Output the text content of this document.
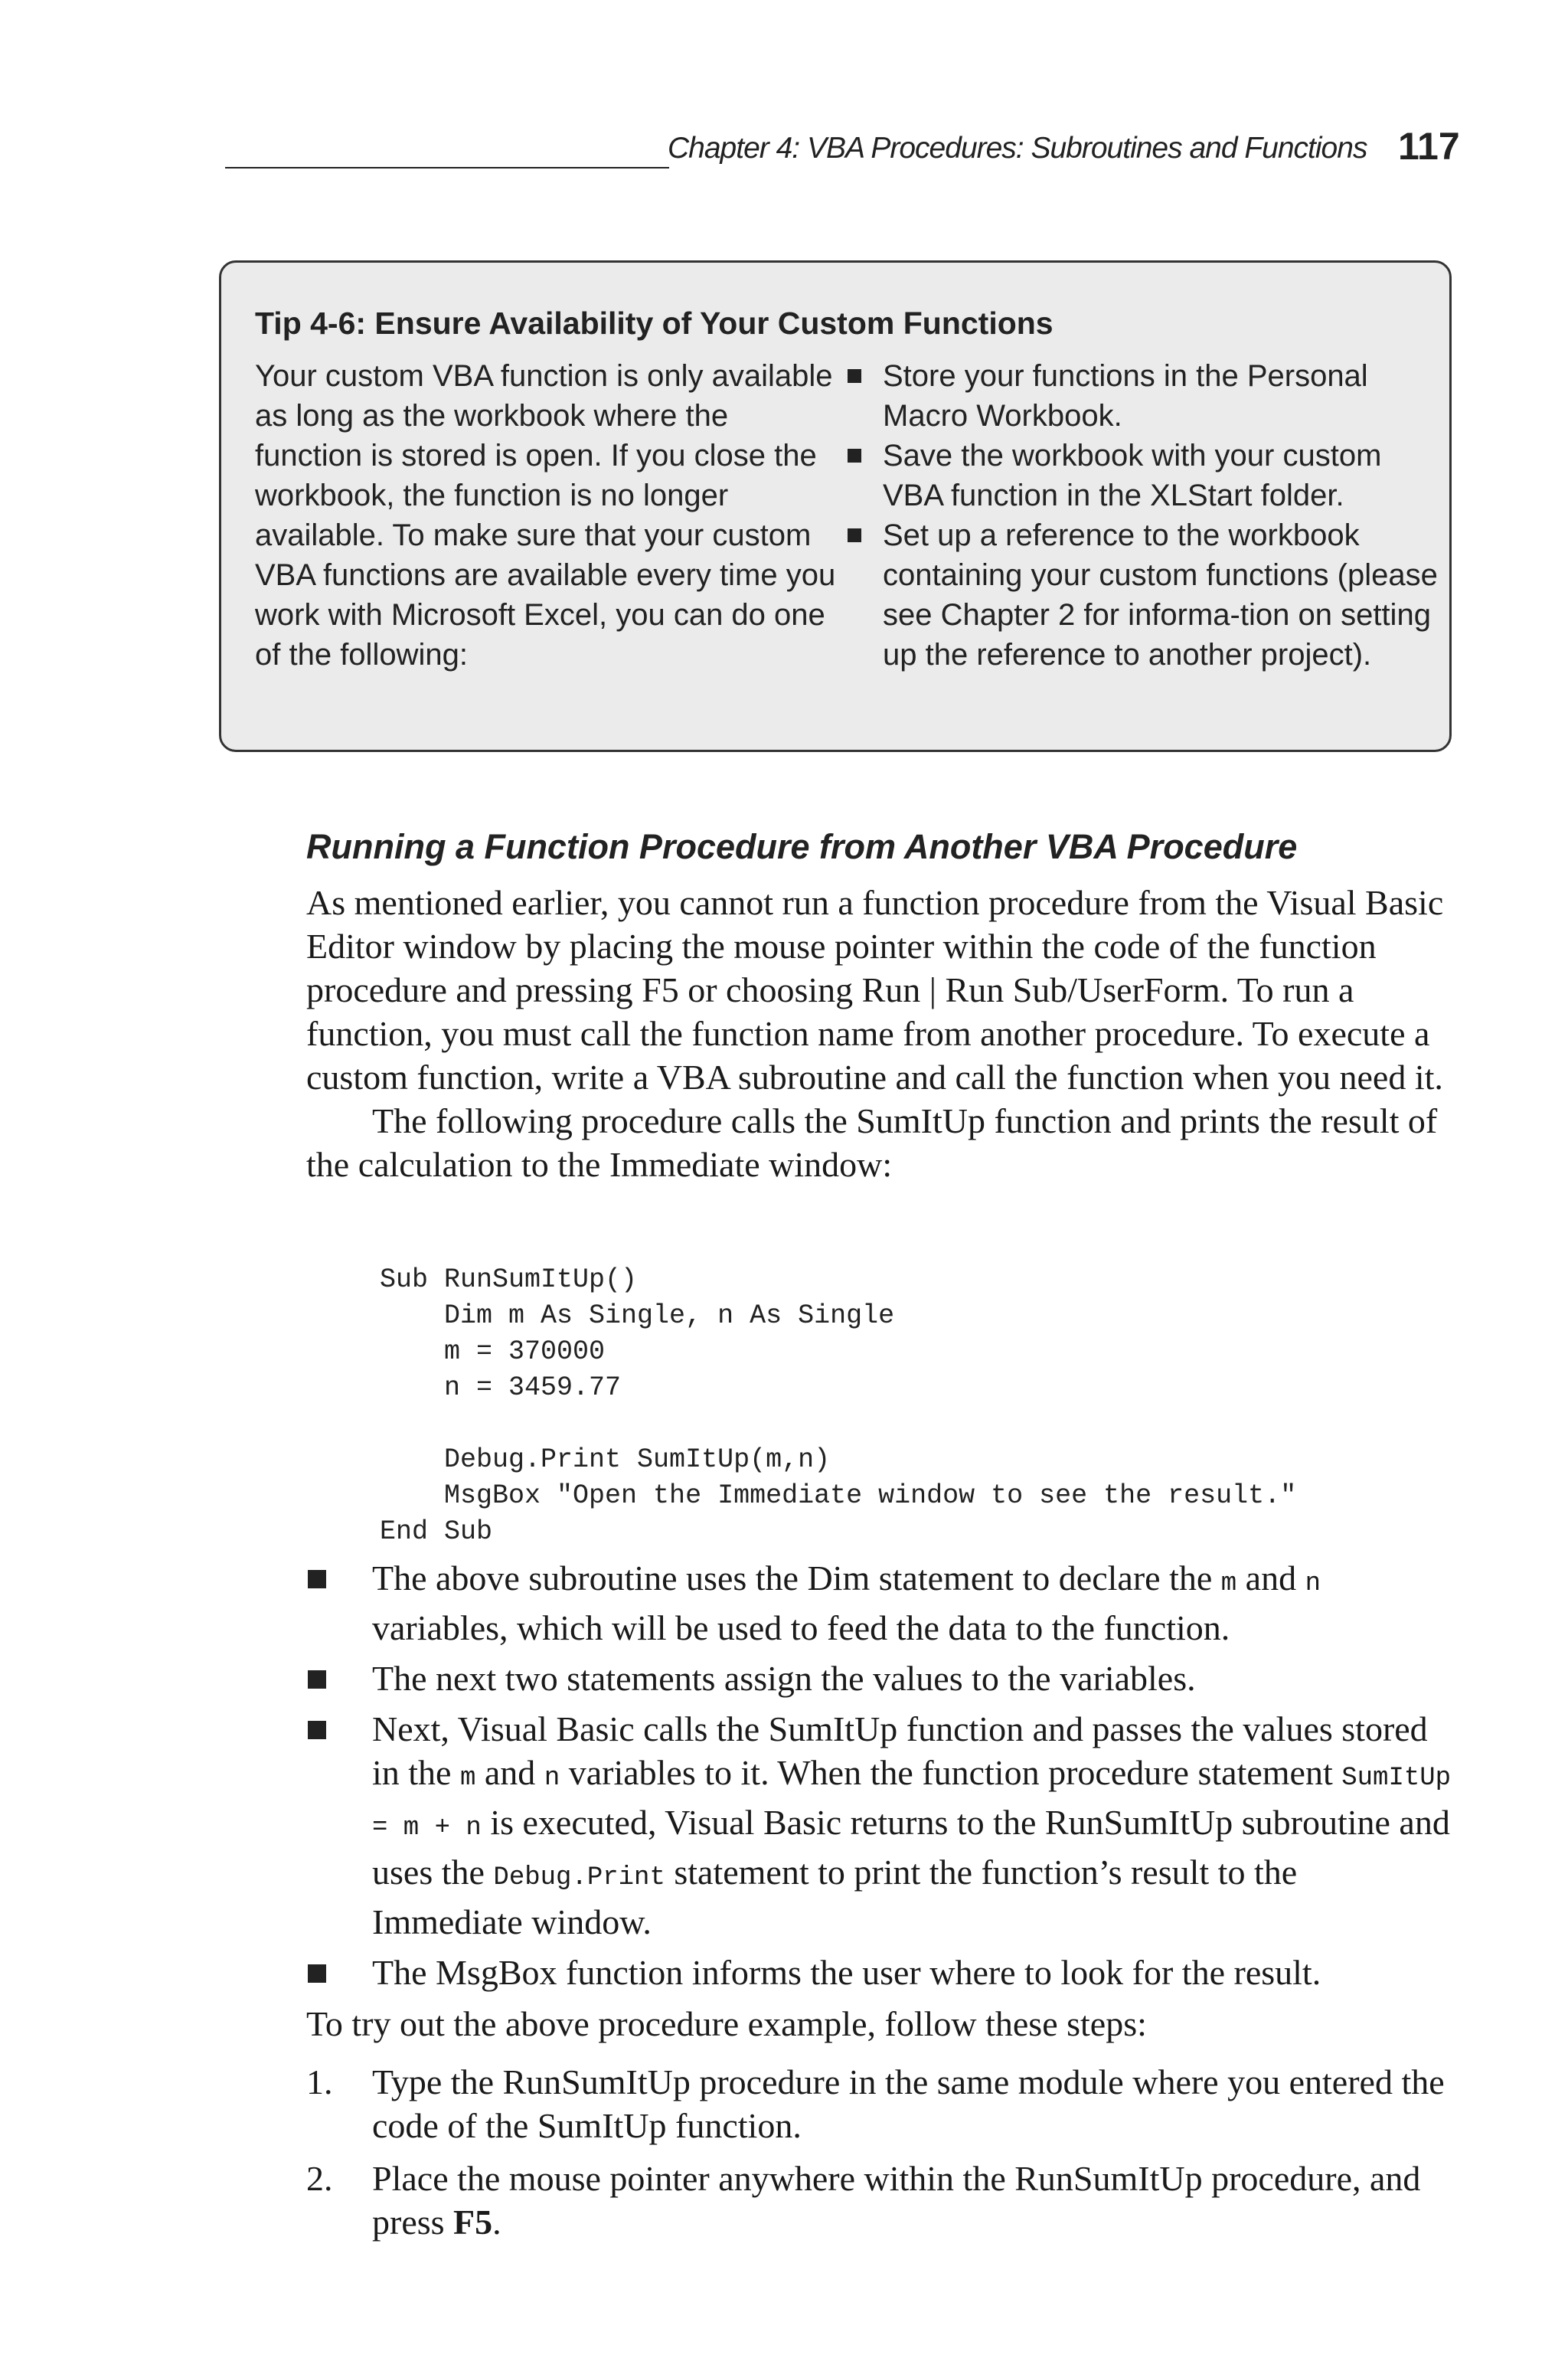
Chapter 4: VBA Procedures: Subroutines and Functions 117
Tip 4-6: Ensure Availability of Your Custom Functions
Your custom VBA function is only available as long as the workbook where the function is stored is open. If you close the workbook, the function is no longer available. To make sure that your custom VBA functions are available every time you work with Microsoft Excel, you can do one of the following:
Store your functions in the Personal Macro Workbook.
Save the workbook with your custom VBA function in the XLStart folder.
Set up a reference to the workbook containing your custom functions (please see Chapter 2 for informa-tion on setting up the reference to another project).
Running a Function Procedure from Another VBA Procedure

As mentioned earlier, you cannot run a function procedure from the Visual Basic Editor window by placing the mouse pointer within the code of the function procedure and pressing F5 or choosing Run | Run Sub/UserForm. To run a function, you must call the function name from another procedure. To execute a custom function, write a VBA subroutine and call the function when you need it.

The following procedure calls the SumItUp function and prints the result of the calculation to the Immediate window:

Sub RunSumItUp()
Dim m As Single, n As Single
m = 370000
n = 3459.77

Debug.Print SumItUp(m,n)
MsgBox "Open the Immediate window to see the result."
End Sub
The above subroutine uses the Dim statement to declare the m and n variables, which will be used to feed the data to the function.
The next two statements assign the values to the variables.
Next, Visual Basic calls the SumItUp function and passes the values stored in the m and n variables to it. When the function procedure statement SumItUp = m + n is executed, Visual Basic returns to the RunSumItUp subroutine and uses the Debug.Print statement to print the function’s result to the Immediate window.
The MsgBox function informs the user where to look for the result.
To try out the above procedure example, follow these steps:
1. Type the RunSumItUp procedure in the same module where you entered the code of the SumItUp function.
2. Place the mouse pointer anywhere within the RunSumItUp procedure, and press F5.
